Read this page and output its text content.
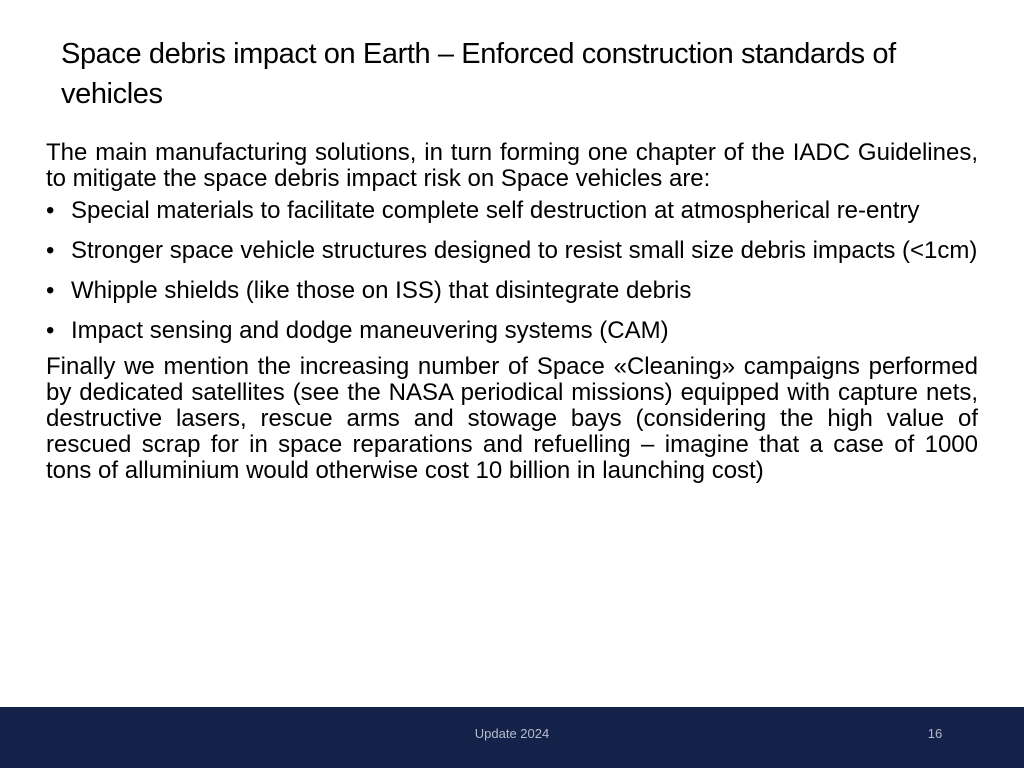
Space debris impact on Earth – Enforced construction standards of vehicles

The main manufacturing solutions, in turn forming one chapter of the IADC Guidelines, to mitigate the space debris impact risk on Space vehicles are:

• Special materials to facilitate complete self destruction at atmospherical re-entry
• Stronger space vehicle structures designed to resist small size debris impacts (<1cm)
• Whipple shields (like those on ISS) that disintegrate debris
• Impact sensing and dodge maneuvering systems (CAM)

Finally we mention the increasing number of Space «Cleaning» campaigns performed by dedicated satellites (see the NASA periodical missions) equipped with capture nets, destructive lasers, rescue arms and stowage bays (considering the high value of rescued scrap for in space reparations and refuelling – imagine that a case of 1000 tons of alluminium would otherwise cost 10 billion in launching cost)

Update 2024	16
